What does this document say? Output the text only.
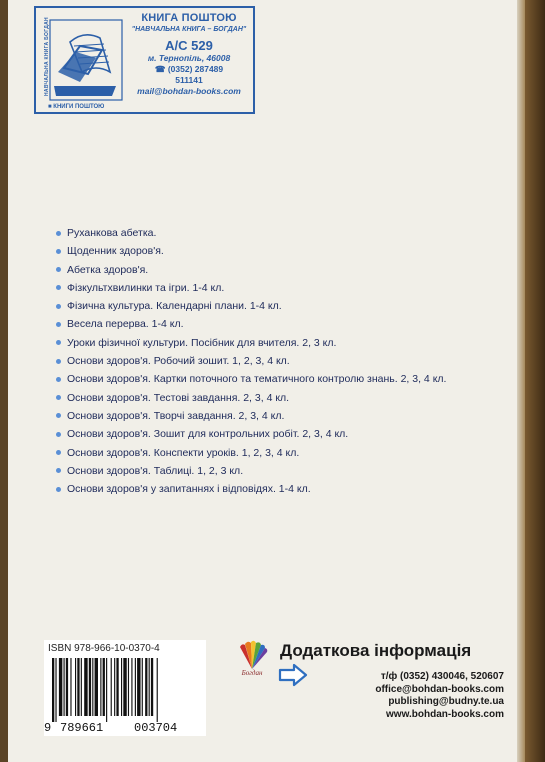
НАВЧАЛЬНА КНИГА БОГДАН
■ КНИГИ ПОШТОЮ
КНИГА ПОШТОЮ
"НАВЧАЛЬНА КНИГА – БОГДАН"
А/С 529
м. Тернопіль, 46008
☎ (0352) 287489
511141
mail@bohdan-books.com
Руханкова абетка.
Щоденник здоров'я.
Абетка здоров'я.
Фізкультхвилинки та ігри. 1-4 кл.
Фізична культура. Календарні плани. 1-4 кл.
Весела перерва. 1-4 кл.
Уроки фізичної культури. Посібник для вчителя. 2, 3 кл.
Основи здоров'я. Робочий зошит. 1, 2, 3, 4 кл.
Основи здоров'я. Картки поточного та тематичного контролю знань. 2, 3, 4 кл.
Основи здоров'я. Тестові завдання. 2, 3, 4 кл.
Основи здоров'я. Творчі завдання. 2, 3, 4 кл.
Основи здоров'я. Зошит для контрольних робіт. 2, 3, 4 кл.
Основи здоров'я. Конспекти уроків. 1, 2, 3, 4 кл.
Основи здоров'я. Таблиці. 1, 2, 3 кл.
Основи здоров'я у запитаннях і відповідях. 1-4 кл.
ISBN 978-966-10-0370-4
9 789661	003704
Богдан
Додаткова інформація
т/ф (0352) 430046, 520607
office@bohdan-books.com
publishing@budny.te.ua
www.bohdan-books.com
